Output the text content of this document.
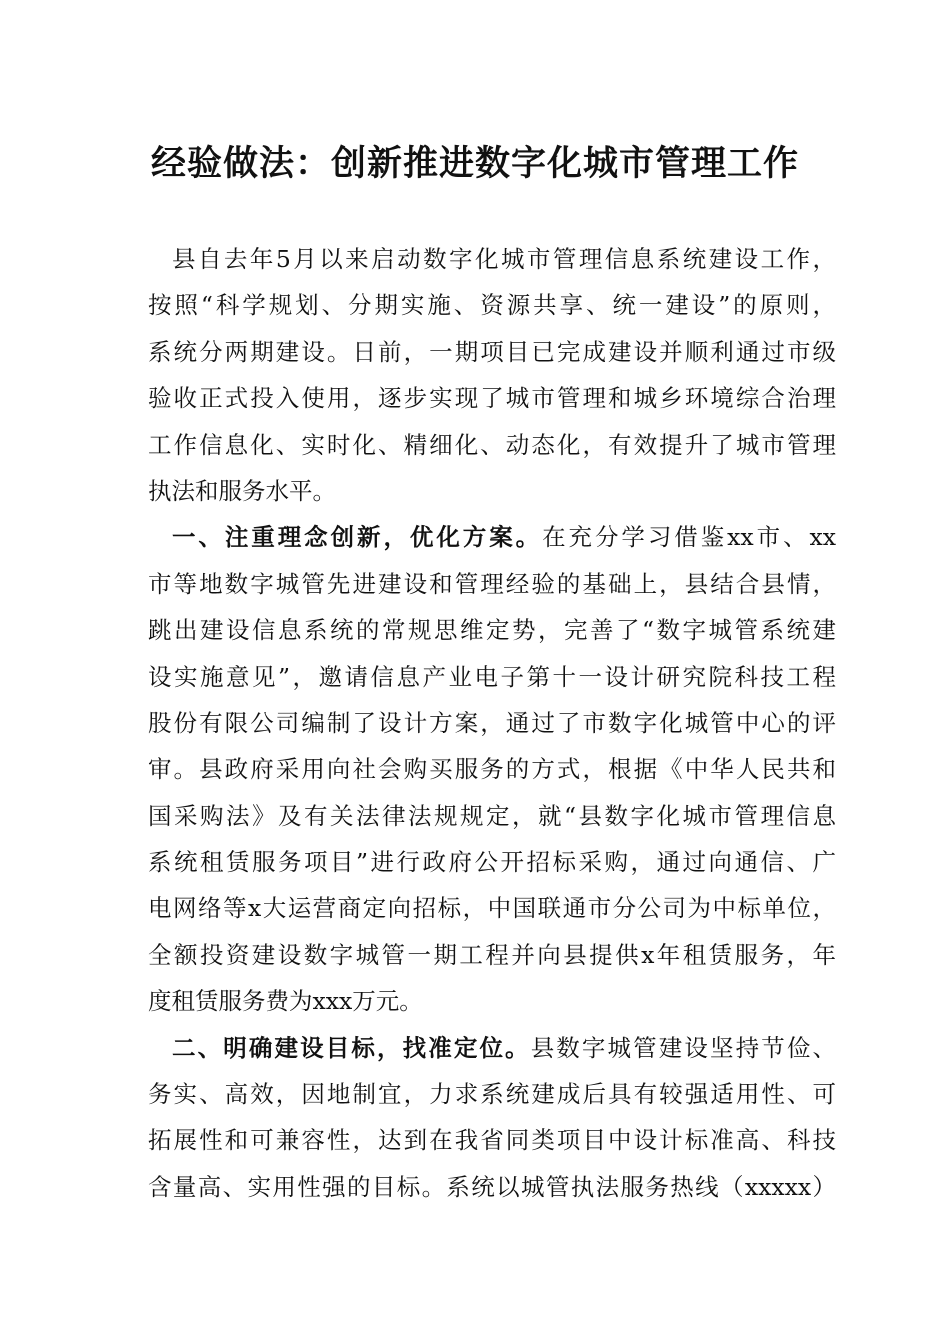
经验做法：创新推进数字化城市管理工作
县自去年5月以来启动数字化城市管理信息系统建设工作，
按照“科学规划、分期实施、资源共享、统一建设”的原则，
系统分两期建设。日前，一期项目已完成建设并顺利通过市级
验收正式投入使用，逐步实现了城市管理和城乡环境综合治理
工作信息化、实时化、精细化、动态化，有效提升了城市管理
执法和服务水平。
一、注重理念创新，优化方案。在充分学习借鉴xx市、xx
市等地数字城管先进建设和管理经验的基础上，县结合县情，
跳出建设信息系统的常规思维定势，完善了“数字城管系统建
设实施意见”，邀请信息产业电子第十一设计研究院科技工程
股份有限公司编制了设计方案，通过了市数字化城管中心的评
审。县政府采用向社会购买服务的方式，根据《中华人民共和
国采购法》及有关法律法规规定，就“县数字化城市管理信息
系统租赁服务项目”进行政府公开招标采购，通过向通信、广
电网络等x大运营商定向招标，中国联通市分公司为中标单位，
全额投资建设数字城管一期工程并向县提供x年租赁服务，年
度租赁服务费为xxx万元。
二、明确建设目标，找准定位。县数字城管建设坚持节俭、
务实、高效，因地制宜，力求系统建成后具有较强适用性、可
拓展性和可兼容性，达到在我省同类项目中设计标准高、科技
含量高、实用性强的目标。系统以城管执法服务热线（xxxxx）
